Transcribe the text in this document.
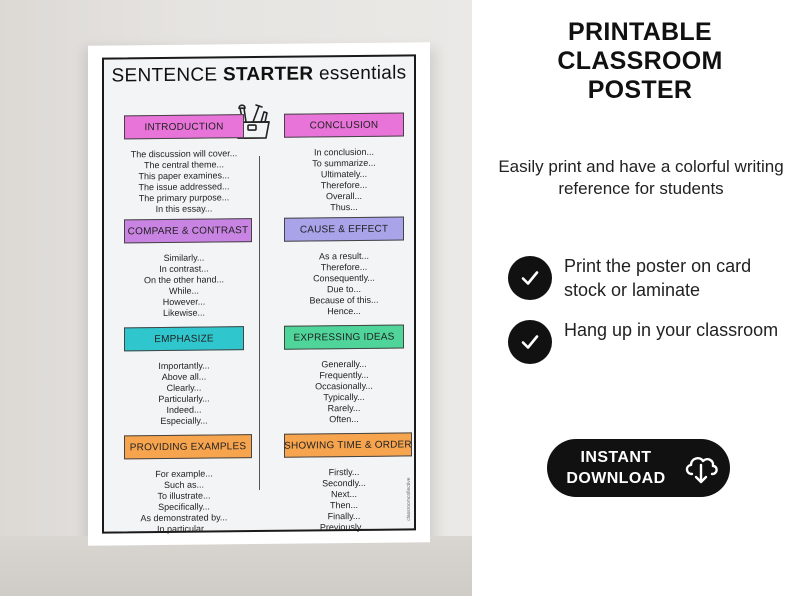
SENTENCE STARTER essentials
INTRODUCTION
The discussion will cover...
The central theme...
This paper examines...
The issue addressed...
The primary purpose...
In this essay...
CONCLUSION
In conclusion...
To summarize...
Ultimately...
Therefore...
Overall...
Thus...
COMPARE & CONTRAST
Similarly...
In contrast...
On the other hand...
While...
However...
Likewise...
CAUSE & EFFECT
As a result...
Therefore...
Consequently...
Due to...
Because of this...
Hence...
EMPHASIZE
Importantly...
Above all...
Clearly...
Particularly...
Indeed...
Especially...
EXPRESSING IDEAS
Generally...
Frequently...
Occasionally...
Typically...
Rarely...
Often...
PROVIDING EXAMPLES
For example...
Such as...
To illustrate...
Specifically...
As demonstrated by...
In particular...
SHOWING TIME & ORDER
Firstly...
Secondly...
Next...
Then...
Finally...
Previously...
classroomcollective
PRINTABLE
CLASSROOM
POSTER
Easily print and have a colorful writing reference for students
Print the poster on card stock or laminate
Hang up in your classroom
INSTANT
DOWNLOAD
